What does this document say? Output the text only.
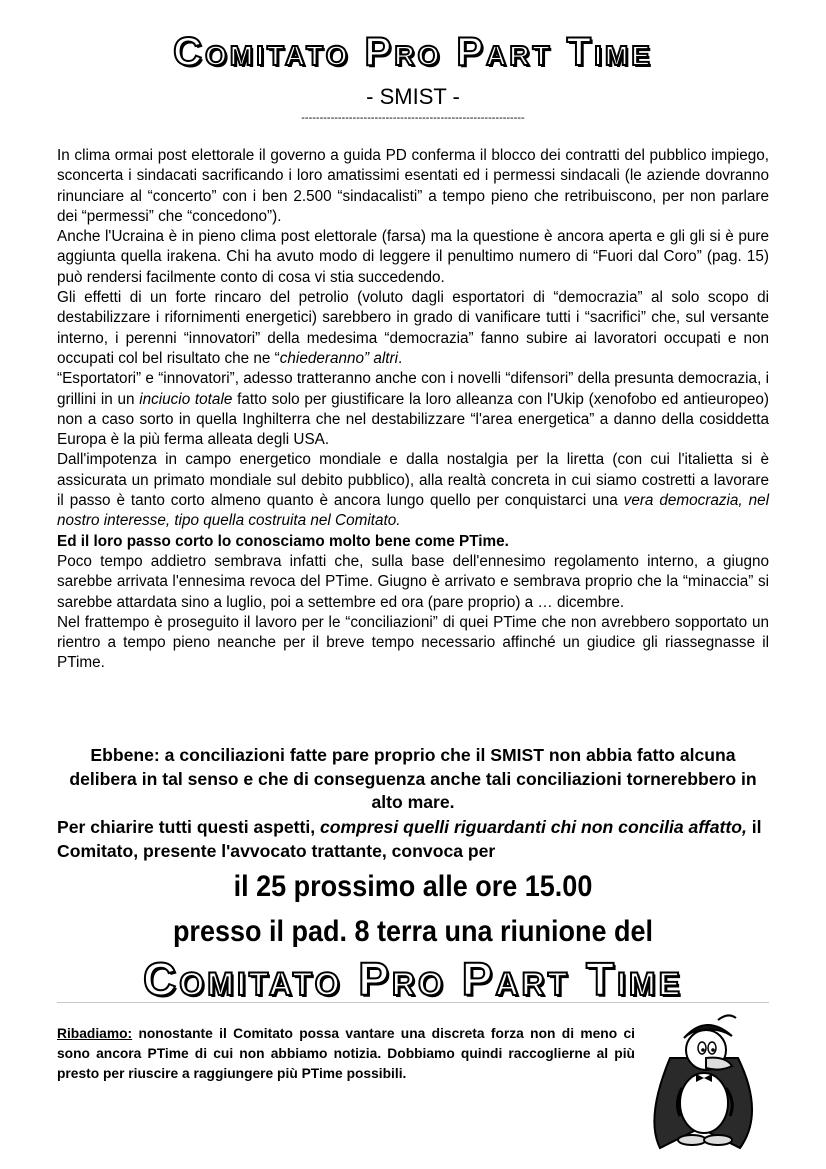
Comitato Pro Part Time
- SMIST -
-------------------------------------------------------------

In clima ormai post elettorale il governo a guida PD conferma il blocco dei contratti del pubblico impiego, sconcerta i sindacati sacrificando i loro amatissimi esentati ed i permessi sindacali (le aziende dovranno rinunciare al “concerto” con i ben 2.500 “sindacalisti” a tempo pieno che retribuiscono, per non parlare dei “permessi” che “concedono”).

Anche l'Ucraina è in pieno clima post elettorale (farsa) ma la questione è ancora aperta e gli gli si è pure aggiunta quella irakena. Chi ha avuto modo di leggere il penultimo numero di “Fuori dal Coro” (pag. 15) può rendersi facilmente conto di cosa vi stia succedendo.

Gli effetti di un forte rincaro del petrolio (voluto dagli esportatori di “democrazia” al solo scopo di destabilizzare i rifornimenti energetici) sarebbero in grado di vanificare tutti i “sacrifici” che, sul versante interno, i perenni “innovatori” della medesima “democrazia” fanno subire ai lavoratori occupati e non occupati col bel risultato che ne “chiederanno” altri.

“Esportatori” e “innovatori”, adesso tratteranno anche con i novelli “difensori” della presunta democrazia, i grillini in un inciucio totale fatto solo per giustificare la loro alleanza con l'Ukip (xenofobo ed antieuropeo) non a caso sorto in quella Inghilterra che nel destabilizzare “l'area energetica” a danno della cosiddetta Europa è la più ferma alleata degli USA.

Dall'impotenza in campo energetico mondiale e dalla nostalgia per la liretta (con cui l'italietta si è assicurata un primato mondiale sul debito pubblico), alla realtà concreta in cui siamo costretti a lavorare il passo è tanto corto almeno quanto è ancora lungo quello per conquistarci una vera democrazia, nel nostro interesse, tipo quella costruita nel Comitato.

Ed il loro passo corto lo conosciamo molto bene come PTime.

Poco tempo addietro sembrava infatti che, sulla base dell'ennesimo regolamento interno, a giugno sarebbe arrivata l'ennesima revoca del PTime. Giugno è arrivato e sembrava proprio che la “minaccia” si sarebbe attardata sino a luglio, poi a settembre ed ora (pare proprio) a … dicembre.

Nel frattempo è proseguito il lavoro per le “conciliazioni” di quei PTime che non avrebbero sopportato un rientro a tempo pieno neanche per il breve tempo necessario affinché un giudice gli riassegnasse il PTime.

Ebbene: a conciliazioni fatte pare proprio che il SMIST non abbia fatto alcuna delibera in tal senso e che di conseguenza anche tali conciliazioni tornerebbero in alto mare.
Per chiarire tutti questi aspetti, compresi quelli riguardanti chi non concilia affatto, il Comitato, presente l'avvocato trattante, convoca per
il 25 prossimo alle ore 15.00
presso il pad. 8 terra una riunione del
Comitato Pro Part Time
Ribadiamo: nonostante il Comitato possa vantare una discreta forza non di meno ci sono ancora PTime di cui non abbiamo notizia. Dobbiamo quindi raccoglierne al più presto per riuscire a raggiungere più PTime possibili.
